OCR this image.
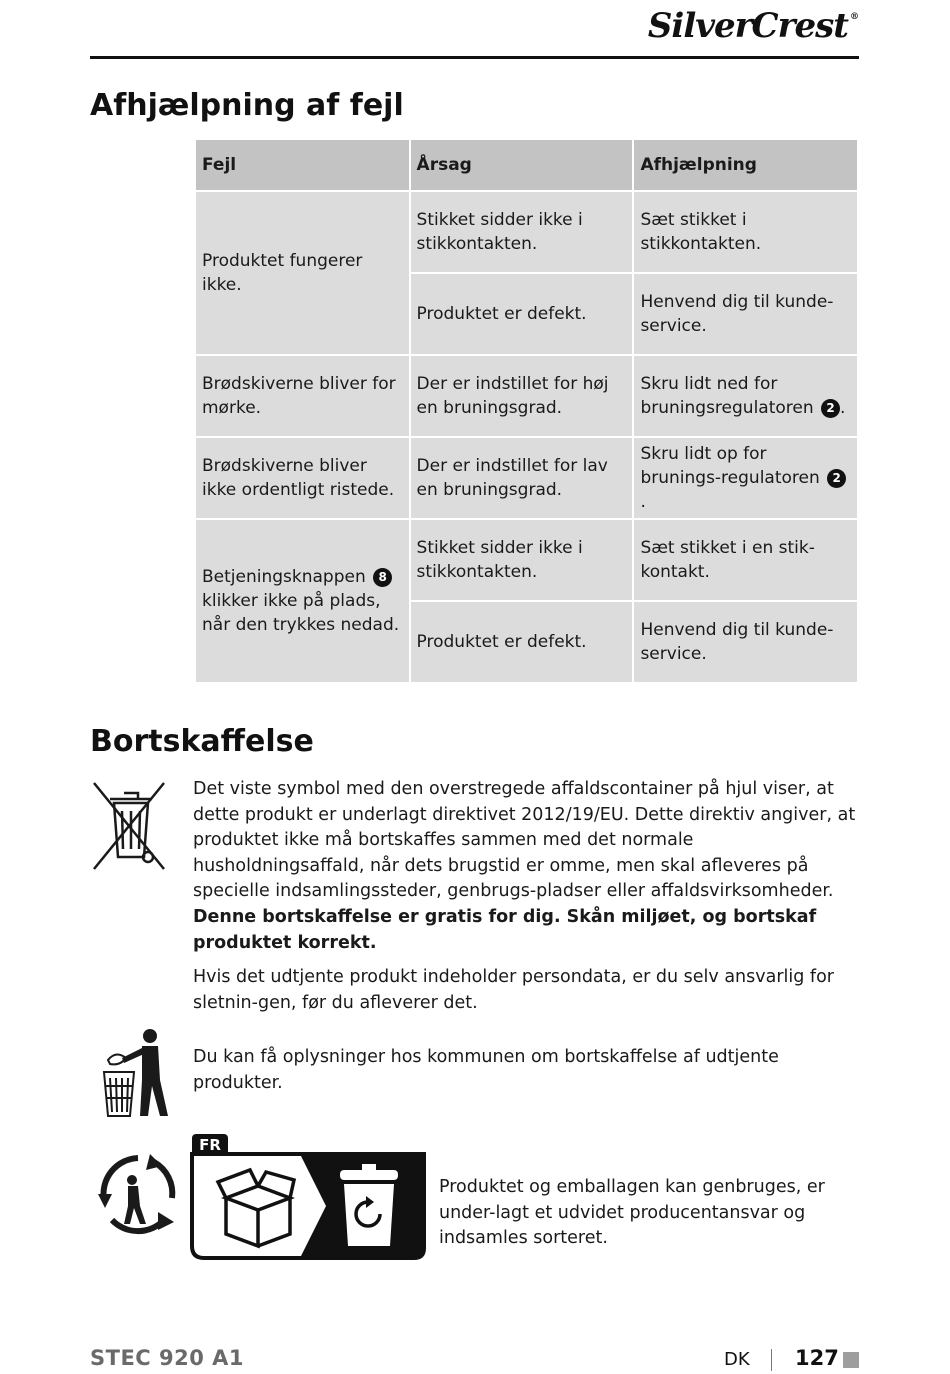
SilverCrest ®
Afhjælpning af fejl
Fejl	Årsag	Afhjælpning
Produktet fungerer ikke.	Stikket sidder ikke i stikkontakten.	Sæt stikket i stikkontakten.
	Produktet er defekt.	Henvend dig til kunde-service.
Brødskiverne bliver for mørke.	Der er indstillet for høj en bruningsgrad.	Skru lidt ned for bruningsregulatoren 2 .
Brødskiverne bliver ikke ordentligt ristede.	Der er indstillet for lav en bruningsgrad.	Skru lidt op for brunings-regulatoren 2.
Betjeningsknappen 8 klikker ikke på plads, når den trykkes nedad.	Stikket sidder ikke i stikkontakten.	Sæt stikket i en stik-kontakt.
	Produktet er defekt.	Henvend dig til kunde-service.
Bortskaffelse

Det viste symbol med den overstregede affaldscontainer på hjul viser, at dette produkt er underlagt direktivet 2012/19/EU. Dette direktiv angiver, at produktet ikke må bortskaffes sammen med det normale husholdningsaffald, når dets brugstid er omme, men skal afleveres på specielle indsamlingssteder, genbrugs-pladser eller affaldsvirksomheder.

Denne bortskaffelse er gratis for dig. Skån miljøet, og bortskaf produktet korrekt.

Hvis det udtjente produkt indeholder persondata, er du selv ansvarlig for sletnin-gen, før du afleverer det.

Du kan få oplysninger hos kommunen om bortskaffelse af udtjente produkter.

FR

Produktet og emballagen kan genbruges, er under-lagt et udvidet producentansvar og indsamles sorteret.

STEC 920 A1	DK 127
